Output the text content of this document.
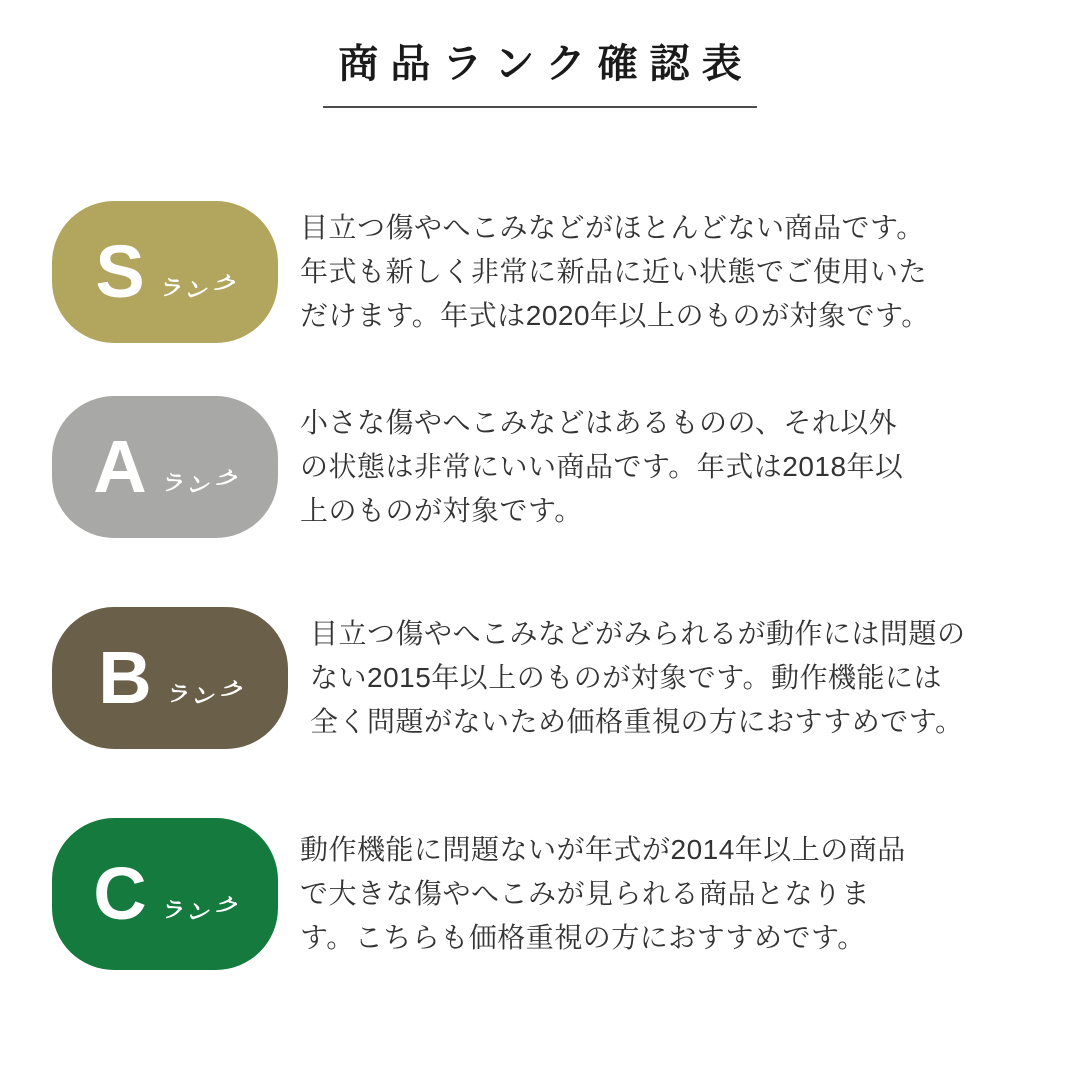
商品ランク確認表
S ラ
ン
ク

目立つ傷やへこみなどがほとんどない商品です。
年式も新しく非常に新品に近い状態でご使用いた
だけます。年式は2020年以上のものが対象です。

A ラ
ン
ク

小さな傷やへこみなどはあるものの、それ以外
の状態は非常にいい商品です。年式は2018年以
上のものが対象です。

B ラ
ン
ク

目立つ傷やへこみなどがみられるが動作には問題の
ない2015年以上のものが対象です。動作機能には
全く問題がないため価格重視の方におすすめです。

C ラ
ン
ク

動作機能に問題ないが年式が2014年以上の商品
で大きな傷やへこみが見られる商品となりま
す。こちらも価格重視の方におすすめです。
